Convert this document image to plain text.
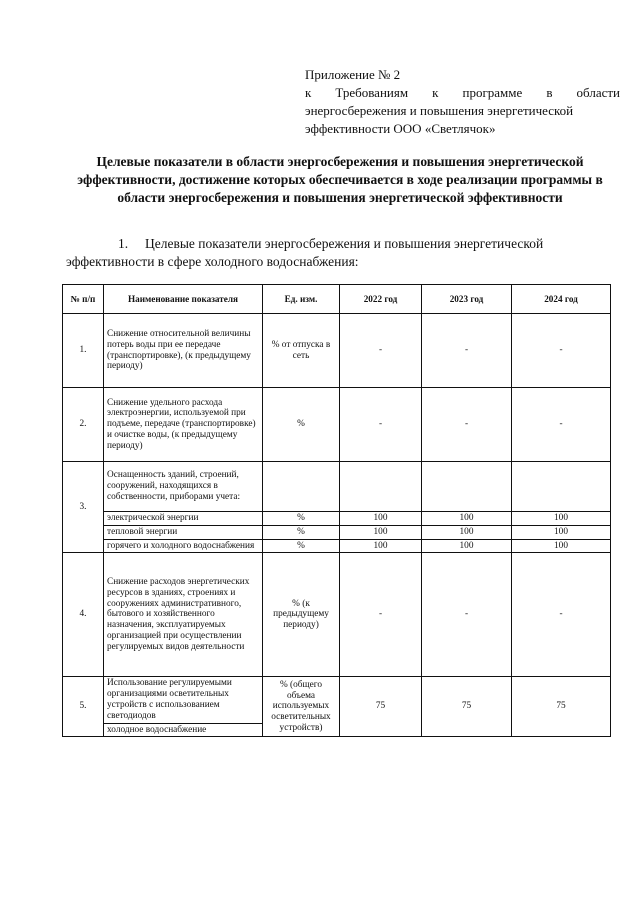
Приложение № 2
к Требованиям к программе в области
энергосбережения и повышения энергетической
эффективности ООО «Светлячок»
Целевые показатели в области энергосбережения и повышения энергетической эффективности, достижение которых обеспечивается в ходе реализации программы в области энергосбережения и повышения энергетической эффективности
1. Целевые показатели энергосбережения и повышения энергетической эффективности в сфере холодного водоснабжения:
№ п/п	Наименование показателя	Ед. изм.	2022 год	2023 год	2024 год
1.	Снижение относительной величины потерь воды при ее передаче (транспортировке), (к предыдущему периоду)	% от отпуска в сеть	-	-	-
2.	Снижение удельного расхода электроэнергии, используемой при подъеме, передаче (транспортировке) и очистке воды, (к предыдущему периоду)	%	-	-	-
3.	Оснащенность зданий, строений, сооружений, находящихся в собственности, приборами учета:				
	электрической энергии	%	100	100	100
	тепловой энергии	%	100	100	100
	горячего и холодного водоснабжения	%	100	100	100
4.	Снижение расходов энергетических ресурсов в зданиях, строениях и сооружениях административного, бытового и хозяйственного назначения, эксплуатируемых организацией при осуществлении регулируемых видов деятельности	% (к предыдущему периоду)	-	-	-
5.	Использование регулируемыми организациями осветительных устройств с использованием светодиодов	% (общего объема используемых осветительных устройств)	75	75	75
	холодное водоснабжение				
